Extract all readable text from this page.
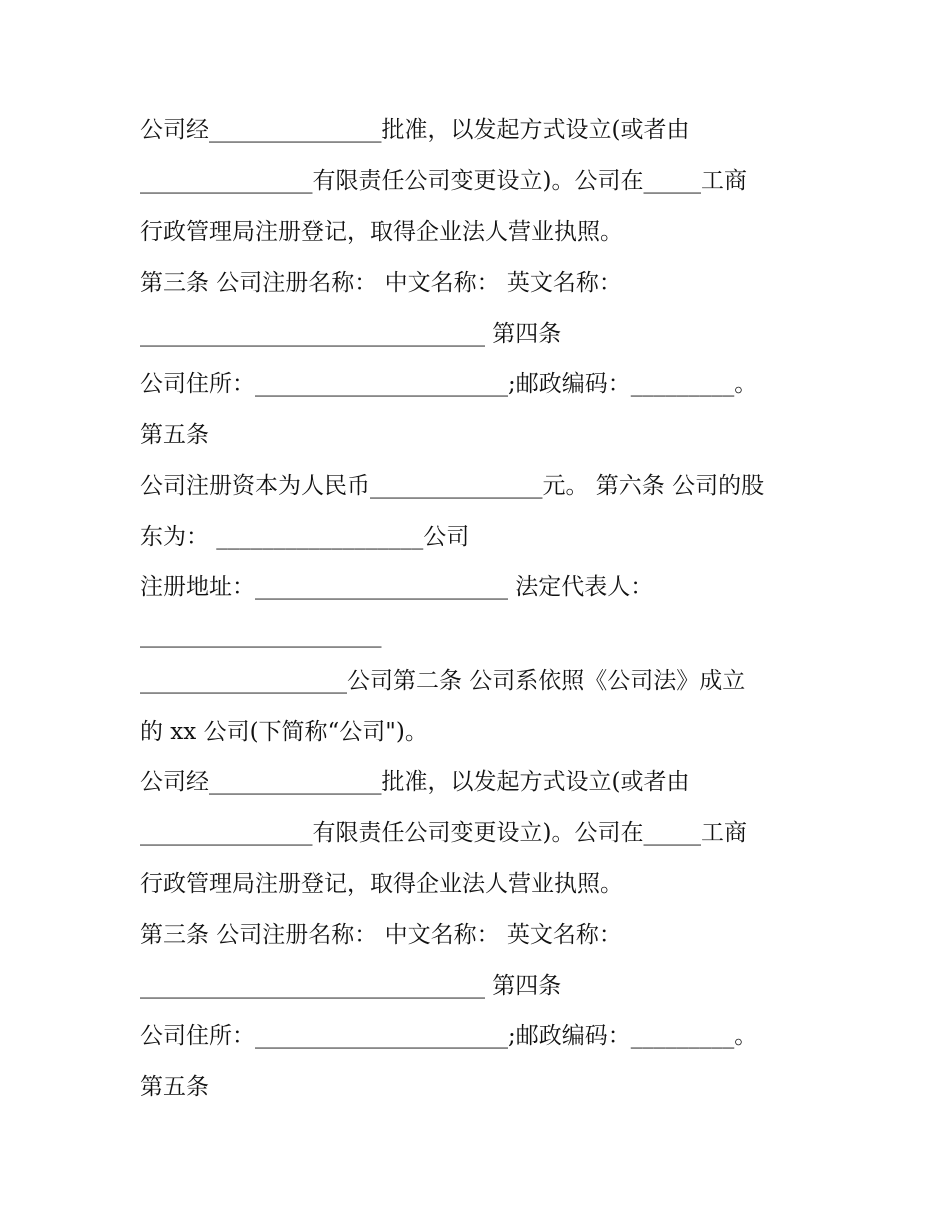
公司经_______________批准，以发起方式设立(或者由
_______________有限责任公司变更设立)。公司在_____工商
行政管理局注册登记，取得企业法人营业执照。
第三条 公司注册名称： 中文名称： 英文名称：
______________________________ 第四条
公司住所：______________________;邮政编码：_________。
第五条
公司注册资本为人民币_______________元。 第六条 公司的股
东为： __________________公司
注册地址：______________________ 法定代表人：
_____________________
__________________公司第二条 公司系依照《公司法》成立
的 xx 公司(下简称“公司")。
公司经_______________批准，以发起方式设立(或者由
_______________有限责任公司变更设立)。公司在_____工商
行政管理局注册登记，取得企业法人营业执照。
第三条 公司注册名称： 中文名称： 英文名称：
______________________________ 第四条
公司住所：______________________;邮政编码：_________。
第五条
